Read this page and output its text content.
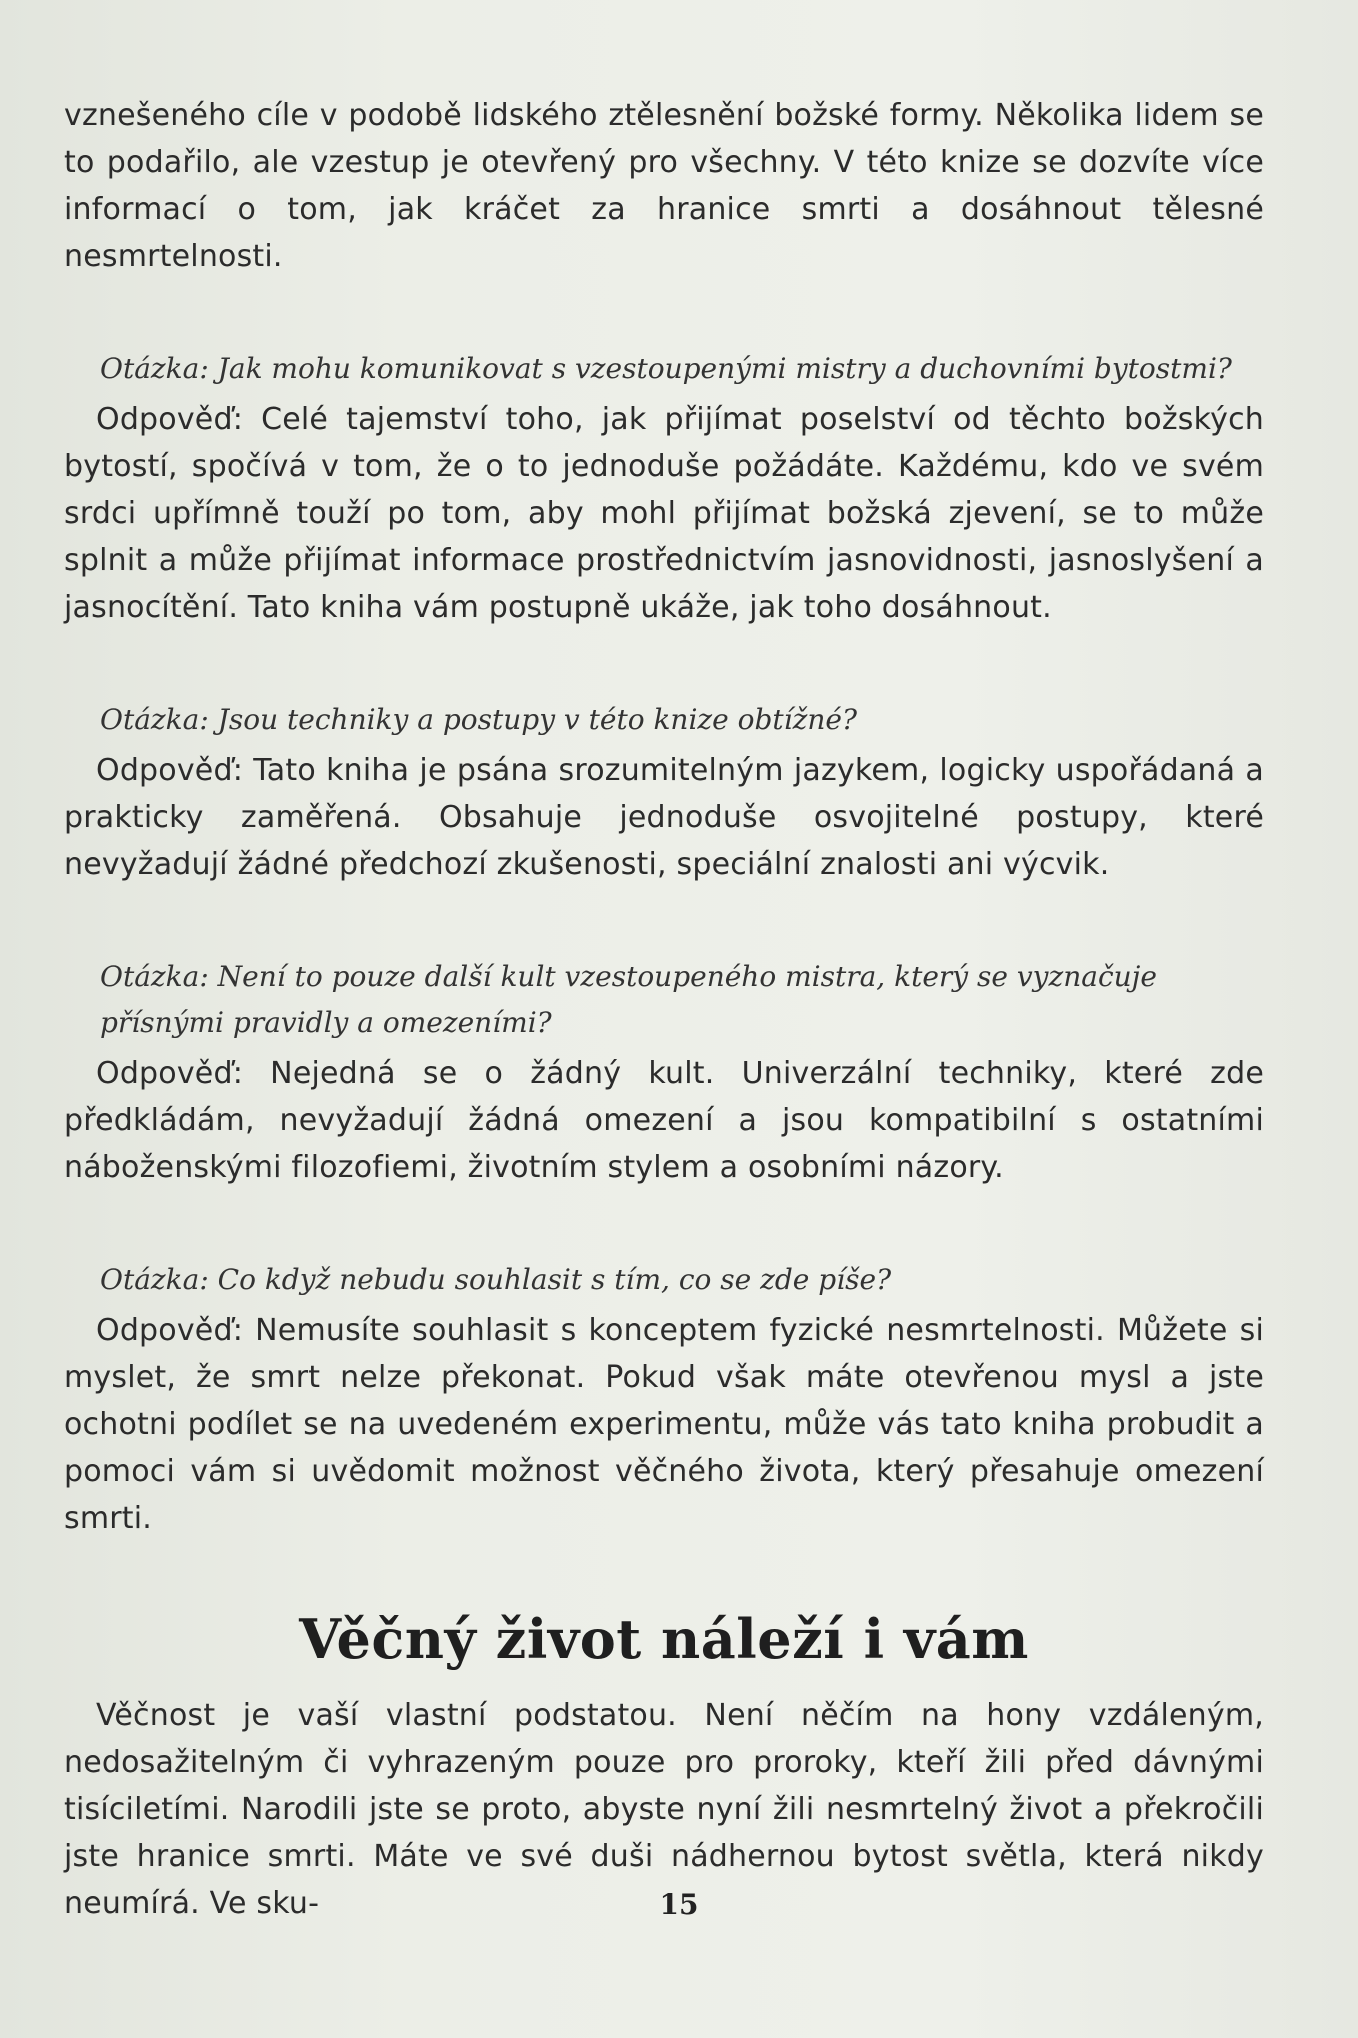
vznešeného cíle v podobě lidského ztělesnění božské formy. Několika lidem se to podařilo, ale vzestup je otevřený pro všechny. V této knize se dozvíte více informací o tom, jak kráčet za hranice smrti a dosáhnout tělesné nesmrtelnosti.

Otázka: Jak mohu komunikovat s vzestoupenými mistry a duchovními bytostmi?

Odpověď: Celé tajemství toho, jak přijímat poselství od těchto božských bytostí, spočívá v tom, že o to jednoduše požádáte. Každému, kdo ve svém srdci upřímně touží po tom, aby mohl přijímat božská zjevení, se to může splnit a může přijímat informace prostřednictvím jasnovidnosti, jasnoslyšení a jasnocítění. Tato kniha vám postupně ukáže, jak toho dosáhnout.

Otázka: Jsou techniky a postupy v této knize obtížné?

Odpověď: Tato kniha je psána srozumitelným jazykem, logicky uspořádaná a prakticky zaměřená. Obsahuje jednoduše osvojitelné postupy, které nevyžadují žádné předchozí zkušenosti, speciální znalosti ani výcvik.

Otázka: Není to pouze další kult vzestoupeného mistra, který se vyznačuje přísnými pravidly a omezeními?

Odpověď: Nejedná se o žádný kult. Univerzální techniky, které zde předkládám, nevyžadují žádná omezení a jsou kompatibilní s ostatními náboženskými filozofiemi, životním stylem a osobními názory.

Otázka: Co když nebudu souhlasit s tím, co se zde píše?

Odpověď: Nemusíte souhlasit s konceptem fyzické nesmrtelnosti. Můžete si myslet, že smrt nelze překonat. Pokud však máte otevřenou mysl a jste ochotni podílet se na uvedeném experimentu, může vás tato kniha probudit a pomoci vám si uvědomit možnost věčného života, který přesahuje omezení smrti.

Věčný život náleží i vám

Věčnost je vaší vlastní podstatou. Není něčím na hony vzdáleným, nedosažitelným či vyhrazeným pouze pro proroky, kteří žili před dávnými tisíciletími. Narodili jste se proto, abyste nyní žili nesmrtelný život a překročili jste hranice smrti. Máte ve své duši nádhernou bytost světla, která nikdy neumírá. Ve sku-	15
